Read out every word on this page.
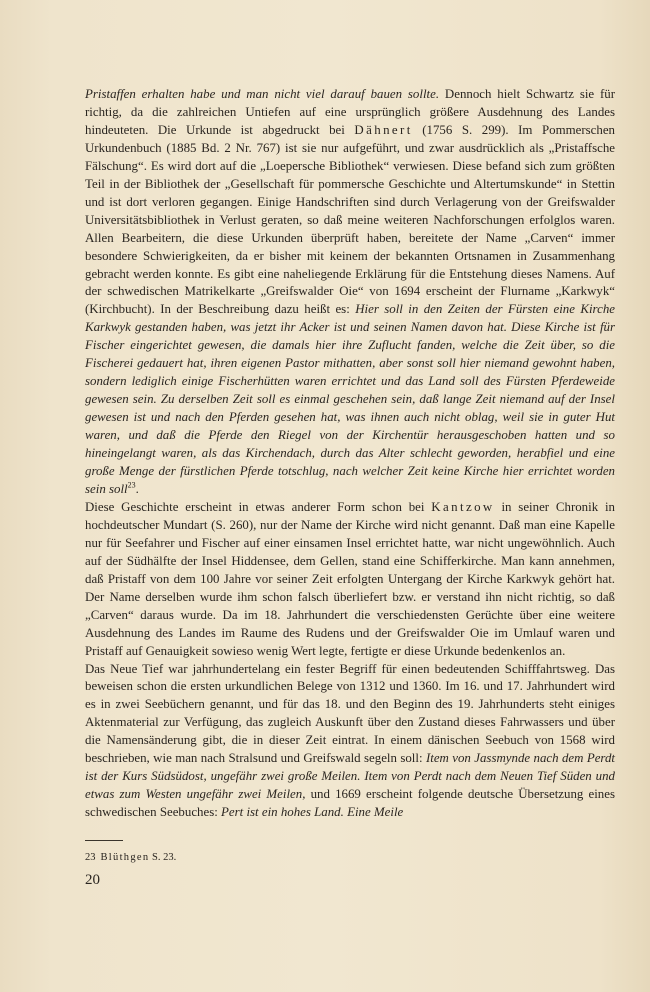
Pristaffen erhalten habe und man nicht viel darauf bauen sollte. Dennoch hielt Schwartz sie für richtig, da die zahlreichen Untiefen auf eine ursprünglich größere Ausdehnung des Landes hindeuteten. Die Urkunde ist abgedruckt bei Dähnert (1756 S. 299). Im Pommerschen Urkundenbuch (1885 Bd. 2 Nr. 767) ist sie nur aufgeführt, und zwar ausdrücklich als „Pristaffsche Fälschung“. Es wird dort auf die „Loepersche Bibliothek“ verwiesen. Diese befand sich zum größten Teil in der Bibliothek der „Gesellschaft für pommersche Geschichte und Altertumskunde“ in Stettin und ist dort verloren gegangen. Einige Handschriften sind durch Verlagerung von der Greifswalder Universitätsbibliothek in Verlust geraten, so daß meine weiteren Nachforschungen erfolglos waren. Allen Bearbeitern, die diese Urkunden überprüft haben, bereitete der Name „Carven“ immer besondere Schwierigkeiten, da er bisher mit keinem der bekannten Ortsnamen in Zusammenhang gebracht werden konnte. Es gibt eine naheliegende Erklärung für die Entstehung dieses Namens. Auf der schwedischen Matrikelkarte „Greifswalder Oie“ von 1694 erscheint der Flurname „Karkwyk“ (Kirchbucht). In der Beschreibung dazu heißt es: Hier soll in den Zeiten der Fürsten eine Kirche Karkwyk gestanden haben, was jetzt ihr Acker ist und seinen Namen davon hat. Diese Kirche ist für Fischer eingerichtet gewesen, die damals hier ihre Zuflucht fanden, welche die Zeit über, so die Fischerei gedauert hat, ihren eigenen Pastor mithatten, aber sonst soll hier niemand gewohnt haben, sondern lediglich einige Fischerhütten waren errichtet und das Land soll des Fürsten Pferdeweide gewesen sein. Zu derselben Zeit soll es einmal geschehen sein, daß lange Zeit niemand auf der Insel gewesen ist und nach den Pferden gesehen hat, was ihnen auch nicht oblag, weil sie in guter Hut waren, und daß die Pferde den Riegel von der Kirchentür herausgeschoben hatten und so hineingelangt waren, als das Kirchendach, durch das Alter schlecht geworden, herabfiel und eine große Menge der fürstlichen Pferde totschlug, nach welcher Zeit keine Kirche hier errichtet worden sein soll$^{23}$.

Diese Geschichte erscheint in etwas anderer Form schon bei Kantzow in seiner Chronik in hochdeutscher Mundart (S. 260), nur der Name der Kirche wird nicht genannt. Daß man eine Kapelle nur für Seefahrer und Fischer auf einer einsamen Insel errichtet hatte, war nicht ungewöhnlich. Auch auf der Südhälfte der Insel Hiddensee, dem Gellen, stand eine Schifferkirche. Man kann annehmen, daß Pristaff von dem 100 Jahre vor seiner Zeit erfolgten Untergang der Kirche Karkwyk gehört hat. Der Name derselben wurde ihm schon falsch überliefert bzw. er verstand ihn nicht richtig, so daß „Carven“ daraus wurde. Da im 18. Jahrhundert die verschiedensten Gerüchte über eine weitere Ausdehnung des Landes im Raume des Rudens und der Greifswalder Oie im Umlauf waren und Pristaff auf Genauigkeit sowieso wenig Wert legte, fertigte er diese Urkunde bedenkenlos an.

Das Neue Tief war jahrhundertelang ein fester Begriff für einen bedeutenden Schifffahrtsweg. Das beweisen schon die ersten urkundlichen Belege von 1312 und 1360. Im 16. und 17. Jahrhundert wird es in zwei Seebüchern genannt, und für das 18. und den Beginn des 19. Jahrhunderts steht einiges Aktenmaterial zur Verfügung, das zugleich Auskunft über den Zustand dieses Fahrwassers und über die Namensänderung gibt, die in dieser Zeit eintrat. In einem dänischen Seebuch von 1568 wird beschrieben, wie man nach Stralsund und Greifswald segeln soll: Item von Jassmynde nach dem Perdt ist der Kurs Südsüdost, ungefähr zwei große Meilen. Item von Perdt nach dem Neuen Tief Süden und etwas zum Westen ungefähr zwei Meilen, und 1669 erscheint folgende deutsche Übersetzung eines schwedischen Seebuches: Pert ist ein hohes Land. Eine Meile

23 Blüthgen S. 23.
20
